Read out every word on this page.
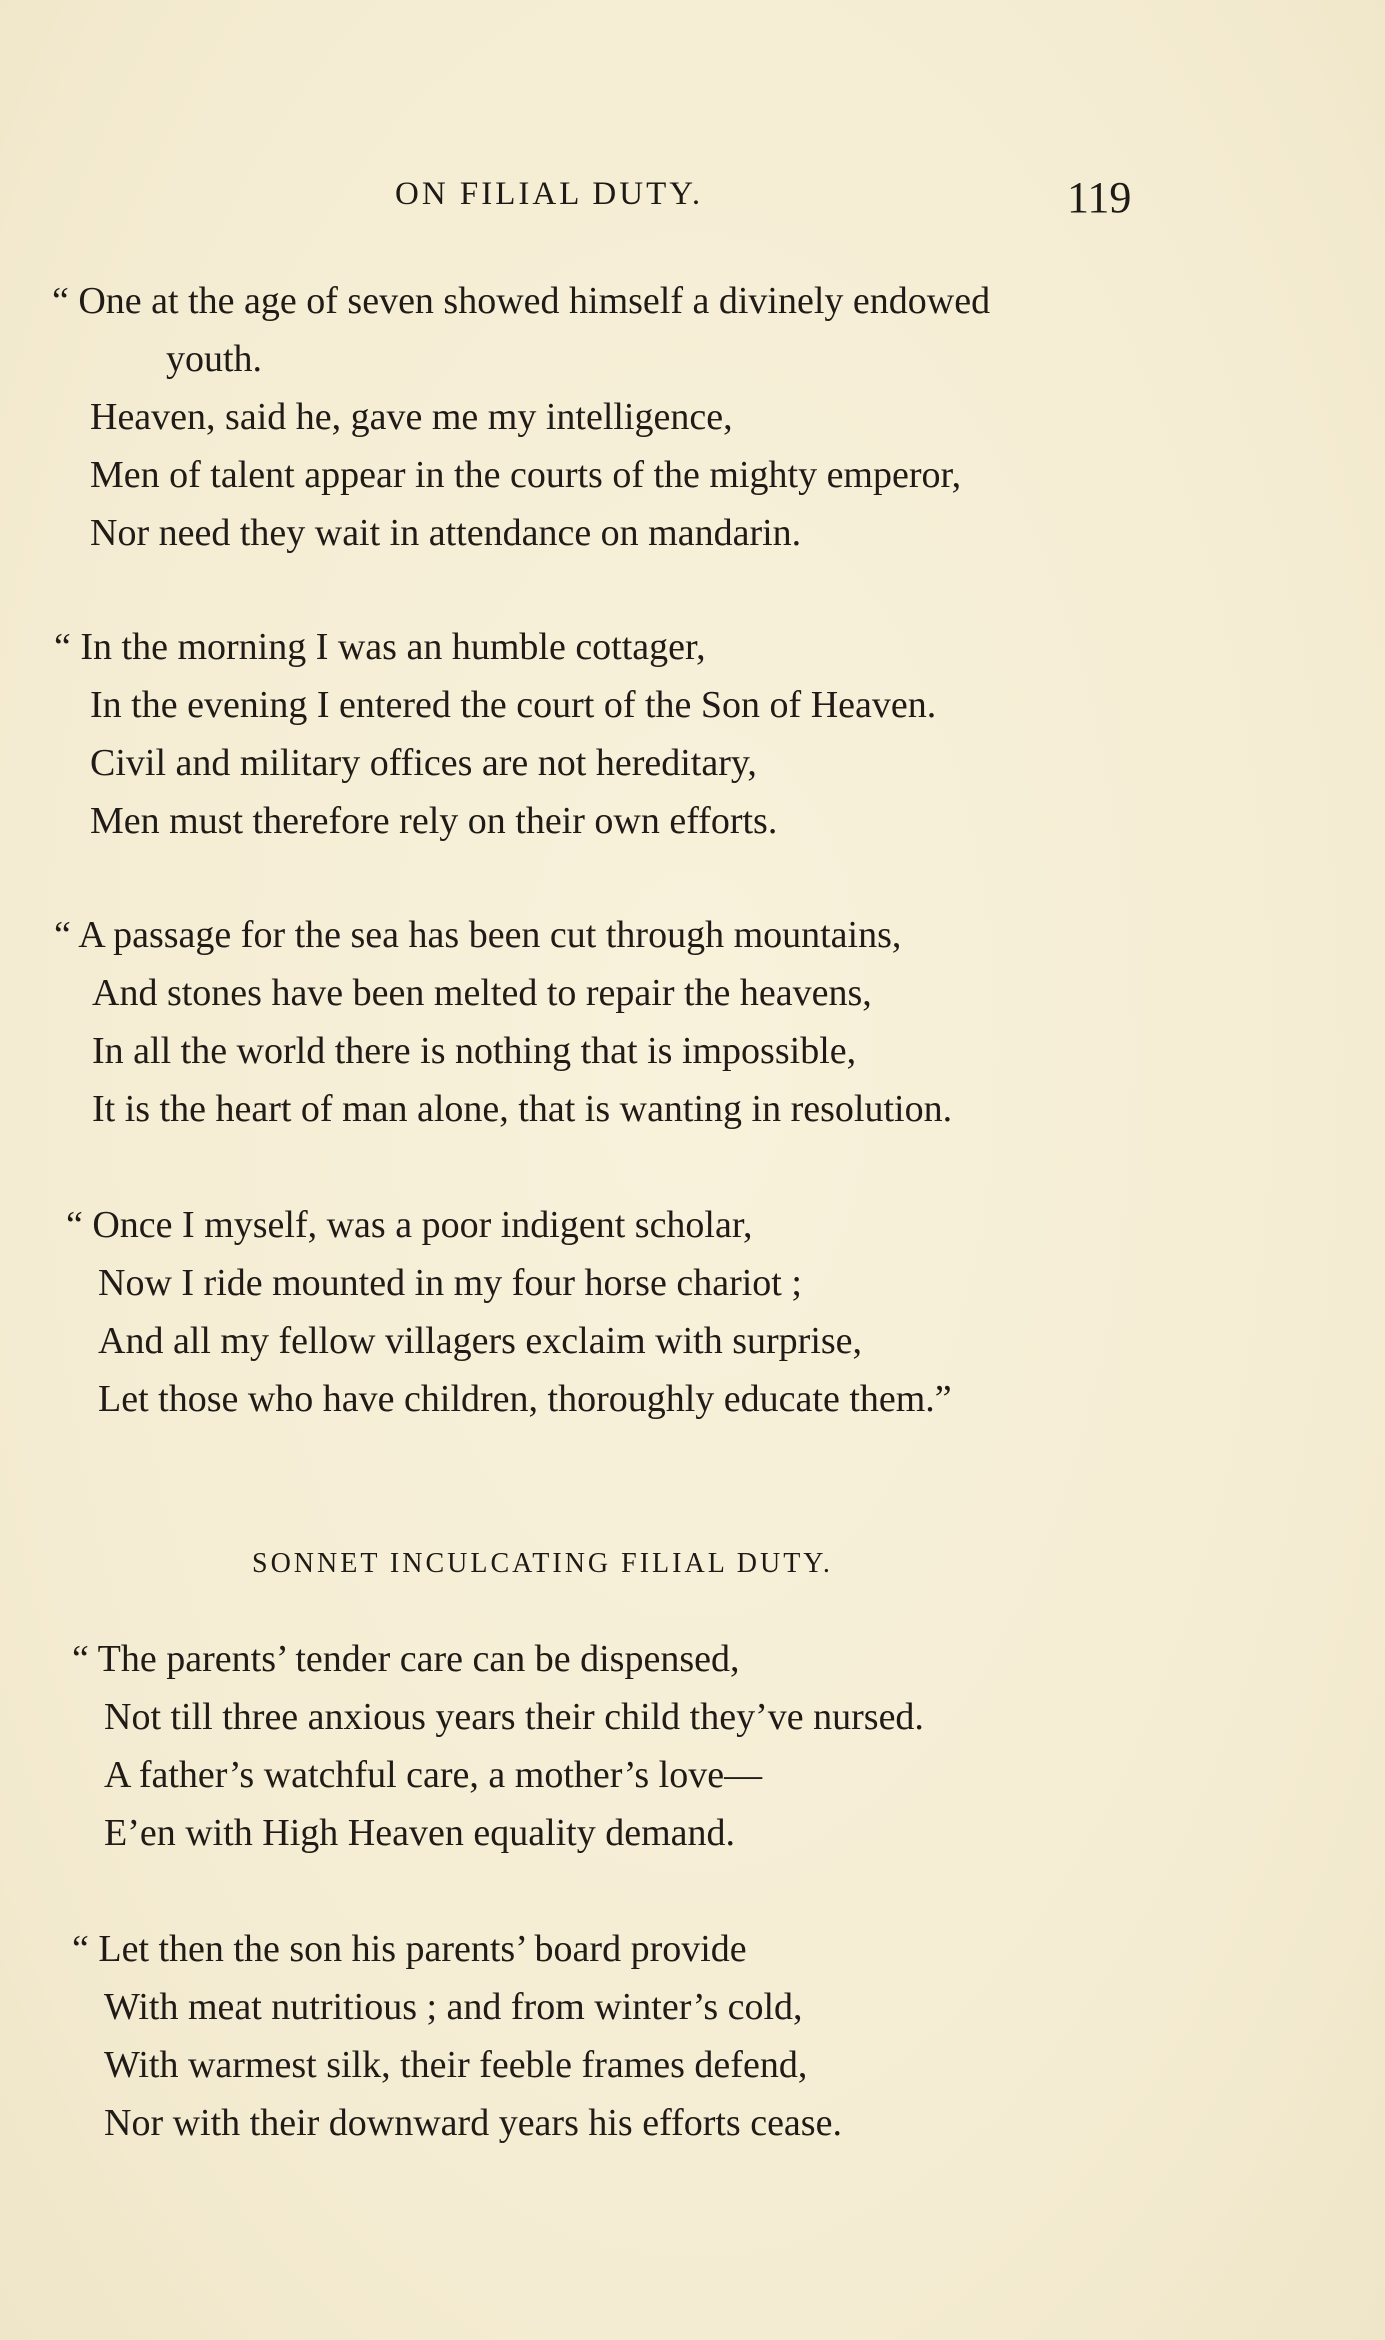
ON FILIAL DUTY.	119
“ One at the age of seven showed himself a divinely endowed
youth.
Heaven, said he, gave me my intelligence,
Men of talent appear in the courts of the mighty emperor,
Nor need they wait in attendance on mandarin.
“ In the morning I was an humble cottager,
In the evening I entered the court of the Son of Heaven.
Civil and military offices are not hereditary,
Men must therefore rely on their own efforts.
“ A passage for the sea has been cut through mountains,
And stones have been melted to repair the heavens,
In all the world there is nothing that is impossible,
It is the heart of man alone, that is wanting in resolution.
“ Once I myself, was a poor indigent scholar,
Now I ride mounted in my four horse chariot ;
And all my fellow villagers exclaim with surprise,
Let those who have children, thoroughly educate them.”
SONNET INCULCATING FILIAL DUTY.
“ The parents’ tender care can be dispensed,
Not till three anxious years their child they’ve nursed.
A father’s watchful care, a mother’s love—
E’en with High Heaven equality demand.
“ Let then the son his parents’ board provide
With meat nutritious ; and from winter’s cold,
With warmest silk, their feeble frames defend,
Nor with their downward years his efforts cease.
